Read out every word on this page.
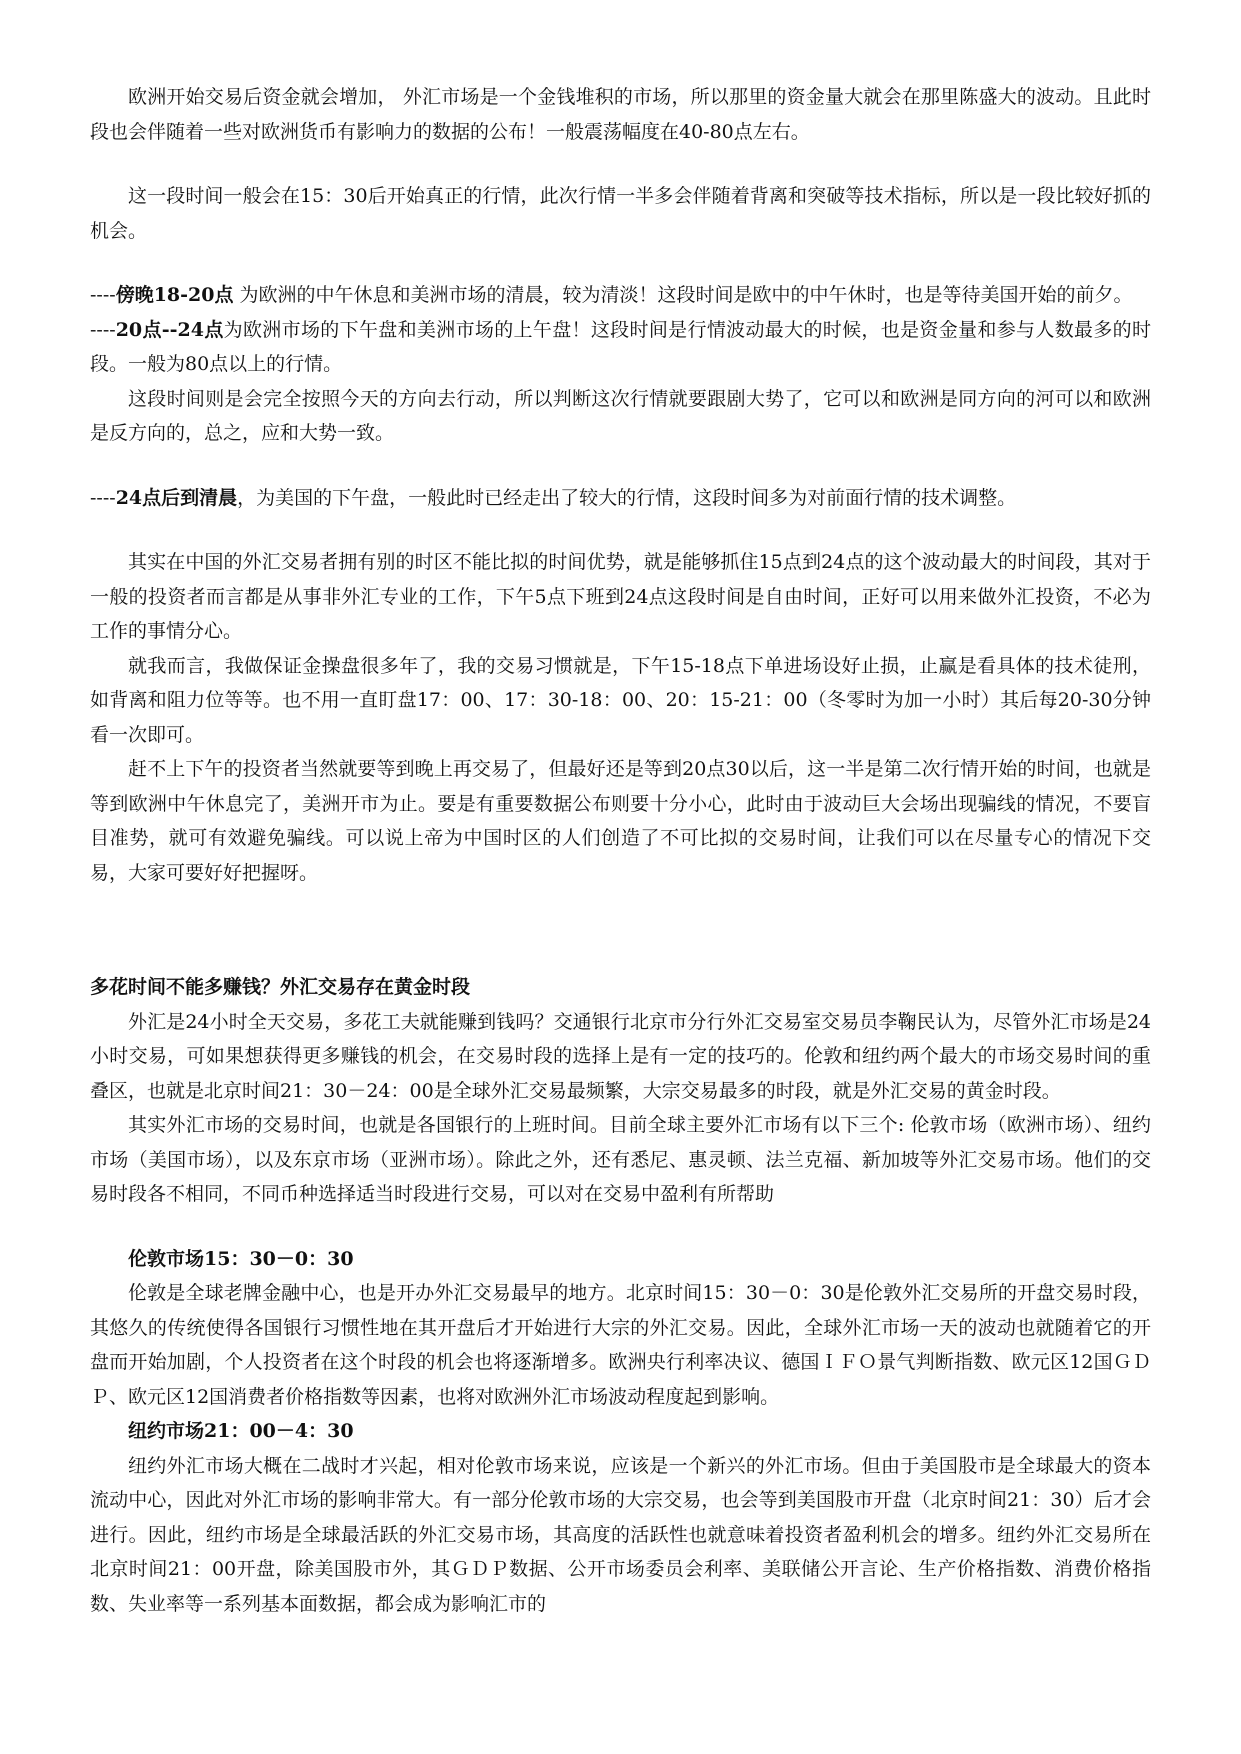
欧洲开始交易后资金就会增加， 外汇市场是一个金钱堆积的市场，所以那里的资金量大就会在那里陈盛大的波动。且此时段也会伴随着一些对欧洲货币有影响力的数据的公布！一般震荡幅度在40-80点左右。

这一段时间一般会在15：30后开始真正的行情，此次行情一半多会伴随着背离和突破等技术指标，所以是一段比较好抓的机会。

----傍晚18-20点 为欧洲的中午休息和美洲市场的清晨，较为清淡！这段时间是欧中的中午休时，也是等待美国开始的前夕。

----20点--24点为欧洲市场的下午盘和美洲市场的上午盘！这段时间是行情波动最大的时候，也是资金量和参与人数最多的时段。一般为80点以上的行情。

这段时间则是会完全按照今天的方向去行动，所以判断这次行情就要跟剧大势了，它可以和欧洲是同方向的河可以和欧洲是反方向的，总之，应和大势一致。

----24点后到清晨，为美国的下午盘，一般此时已经走出了较大的行情，这段时间多为对前面行情的技术调整。

其实在中国的外汇交易者拥有别的时区不能比拟的时间优势，就是能够抓住15点到24点的这个波动最大的时间段，其对于一般的投资者而言都是从事非外汇专业的工作，下午5点下班到24点这段时间是自由时间，正好可以用来做外汇投资，不必为工作的事情分心。

就我而言，我做保证金操盘很多年了，我的交易习惯就是，下午15-18点下单进场设好止损，止赢是看具体的技术徒刑，如背离和阻力位等等。也不用一直盯盘17：00、17：30-18：00、20：15-21：00（冬零时为加一小时）其后每20-30分钟看一次即可。

赶不上下午的投资者当然就要等到晚上再交易了，但最好还是等到20点30以后，这一半是第二次行情开始的时间，也就是等到欧洲中午休息完了，美洲开市为止。要是有重要数据公布则要十分小心，此时由于波动巨大会场出现骗线的情况，不要盲目准势，就可有效避免骗线。可以说上帝为中国时区的人们创造了不可比拟的交易时间，让我们可以在尽量专心的情况下交易，大家可要好好把握呀。

多花时间不能多赚钱？外汇交易存在黄金时段

外汇是24小时全天交易，多花工夫就能赚到钱吗？交通银行北京市分行外汇交易室交易员李鞠民认为，尽管外汇市场是24小时交易，可如果想获得更多赚钱的机会，在交易时段的选择上是有一定的技巧的。伦敦和纽约两个最大的市场交易时间的重叠区，也就是北京时间21：30－24：00是全球外汇交易最频繁，大宗交易最多的时段，就是外汇交易的黄金时段。

其实外汇市场的交易时间，也就是各国银行的上班时间。目前全球主要外汇市场有以下三个: 伦敦市场（欧洲市场）、纽约市场（美国市场），以及东京市场（亚洲市场）。除此之外，还有悉尼、惠灵顿、法兰克福、新加坡等外汇交易市场。他们的交易时段各不相同，不同币种选择适当时段进行交易，可以对在交易中盈利有所帮助

伦敦市场15：30－0：30

伦敦是全球老牌金融中心，也是开办外汇交易最早的地方。北京时间15：30－0：30是伦敦外汇交易所的开盘交易时段，其悠久的传统使得各国银行习惯性地在其开盘后才开始进行大宗的外汇交易。因此，全球外汇市场一天的波动也就随着它的开盘而开始加剧，个人投资者在这个时段的机会也将逐渐增多。欧洲央行利率决议、德国ＩＦＯ景气判断指数、欧元区12国ＧＤＰ、欧元区12国消费者价格指数等因素，也将对欧洲外汇市场波动程度起到影响。

纽约市场21：00－4：30

纽约外汇市场大概在二战时才兴起，相对伦敦市场来说，应该是一个新兴的外汇市场。但由于美国股市是全球最大的资本流动中心，因此对外汇市场的影响非常大。有一部分伦敦市场的大宗交易，也会等到美国股市开盘（北京时间21：30）后才会进行。因此，纽约市场是全球最活跃的外汇交易市场，其高度的活跃性也就意味着投资者盈利机会的增多。纽约外汇交易所在北京时间21：00开盘，除美国股市外，其ＧＤＰ数据、公开市场委员会利率、美联储公开言论、生产价格指数、消费价格指数、失业率等一系列基本面数据，都会成为影响汇市的
